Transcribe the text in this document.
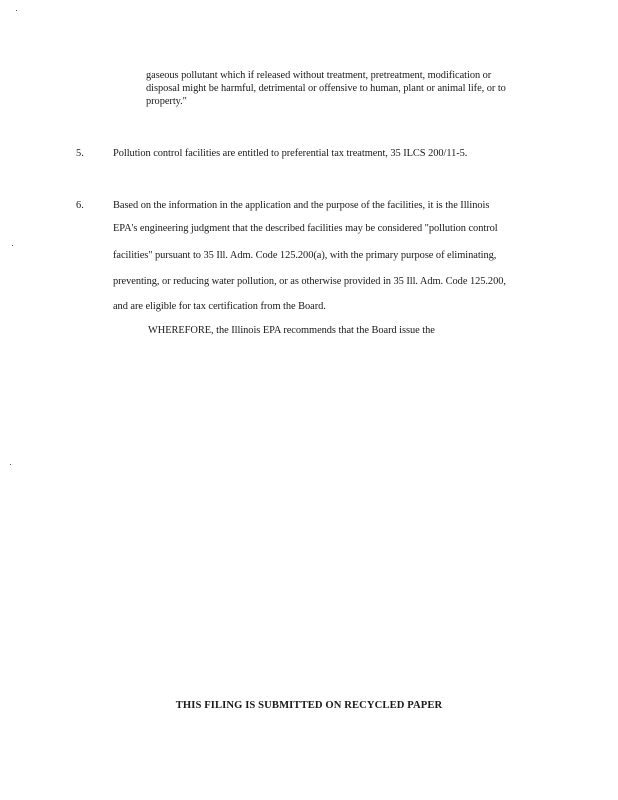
gaseous pollutant which if released without treatment, pretreatment, modification or
disposal might be harmful, detrimental or offensive to human, plant or animal life, or to
property."
5.	Pollution control facilities are entitled to preferential tax treatment, 35 ILCS 200/11-5.
6.	Based on the information in the application and the purpose of the facilities, it is the Illinois
EPA's engineering judgment that the described facilities may be considered "pollution control
facilities" pursuant to 35 Ill. Adm. Code 125.200(a), with the primary purpose of eliminating,
preventing, or reducing water pollution, or as otherwise provided in 35 Ill. Adm. Code 125.200,
and are eligible for tax certification from the Board.
WHEREFORE, the Illinois EPA recommends that the Board issue the
THIS FILING IS SUBMITTED ON RECYCLED PAPER
